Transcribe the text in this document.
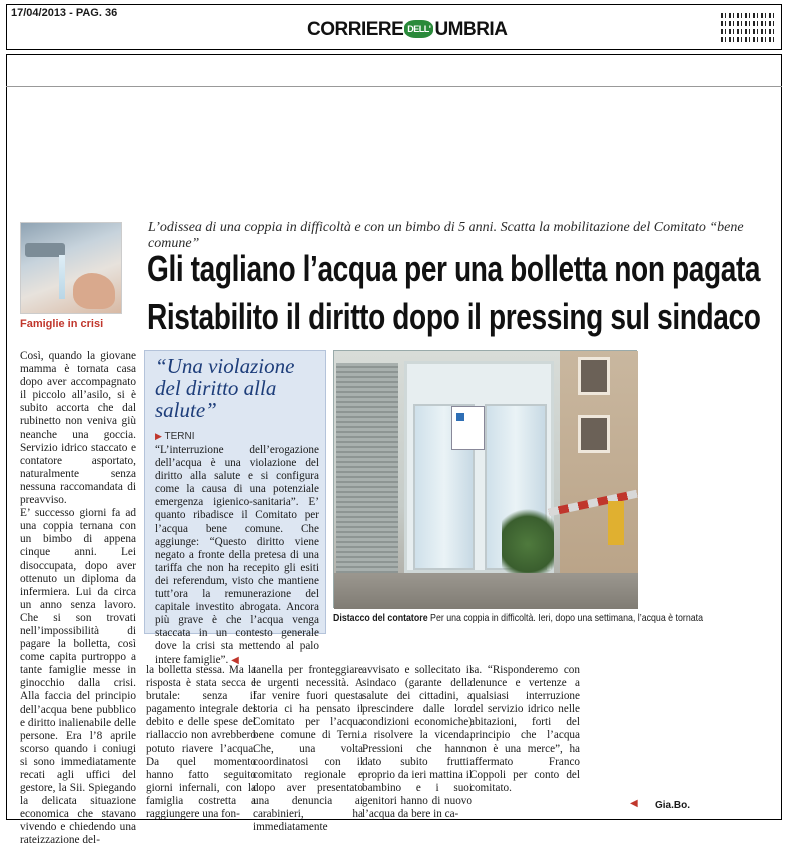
17/04/2013 - PAG. 36
CORRIERE DELL' UMBRIA
Famiglie in crisi
L’odissea di una coppia in difficoltà e con un bimbo di 5 anni. Scatta la mobilitazione del Comitato “bene comune”
Gli tagliano l’acqua per una bolletta non pagata
Ristabilito il diritto dopo il pressing sul sindaco

Così, quando la giovane mamma è tornata casa dopo aver accompagnato il piccolo all’asilo, si è subito accorta che dal rubinetto non veniva giù neanche una goccia. Servizio idrico staccato e contatore asportato, naturalmente senza nessuna raccomandata di preavviso.

E’ successo giorni fa ad una coppia ternana con un bimbo di appena cinque anni. Lei disoccupata, dopo aver ottenuto un diploma da infermiera. Lui da circa un anno senza lavoro. Che si son trovati nell’impossibilità di pagare la bolletta, così come capita purtroppo a tante famiglie messe in ginocchio dalla crisi. Alla faccia del principio dell’acqua bene pubblico e diritto inalienabile delle persone. Era l’8 aprile scorso quando i coniugi si sono immediatamente recati agli uffici del gestore, la Sii. Spiegando la delicata situazione economica che stavano vivendo e chiedendo una rateizzazione del-

“Una violazione del diritto alla salute”
▶ TERNI
“L’interruzione dell’erogazione dell’acqua è una violazione del diritto alla salute e si configura come la causa di una potenziale emergenza igienico-sanitaria”. E’ quanto ribadisce il Comitato per l’acqua bene comune. Che aggiunge: “Questo diritto viene negato a fronte della pretesa di una tariffa che non ha recepito gli esiti dei referendum, visto che mantiene tutt’ora la remunerazione del capitale investito abrogata. Ancora più grave è che l’acqua venga staccata in un contesto generale dove la crisi sta mettendo al palo intere famiglie”. ◀
Distacco del contatore Per una coppia in difficoltà. Ieri, dopo una settimana, l’acqua è tornata
la bolletta stessa. Ma la risposta è stata secca e brutale: senza il pagamento integrale del debito e delle spese del riallaccio non avrebbero potuto riavere l’acqua. Da quel momento hanno fatto seguito giorni infernali, con la famiglia costretta a raggiungere una fon-
tanella per fronteggiare le urgenti necessità. A far venire fuori questa storia ci ha pensato il Comitato per l’acqua bene comune di Terni. Che, una volta coordinatosi con il comitato regionale e dopo aver presentato una denuncia ai carabinieri, ha immediatamente
avvisato e sollecitato il sindaco (garante della salute dei cittadini, a prescindere dalle loro condizioni economiche) a risolvere la vicenda. Pressioni che hanno dato subito frutti: proprio da ieri mattina il bambino e i suoi genitori hanno di nuovo l’acqua da bere in ca-
sa. “Risponderemo con denunce e vertenze a qualsiasi interruzione del servizio idrico nelle abitazioni, forti del principio che l’acqua non è una merce”, ha affermato Franco Coppoli per conto del comitato.
◀ Gia.Bo.
